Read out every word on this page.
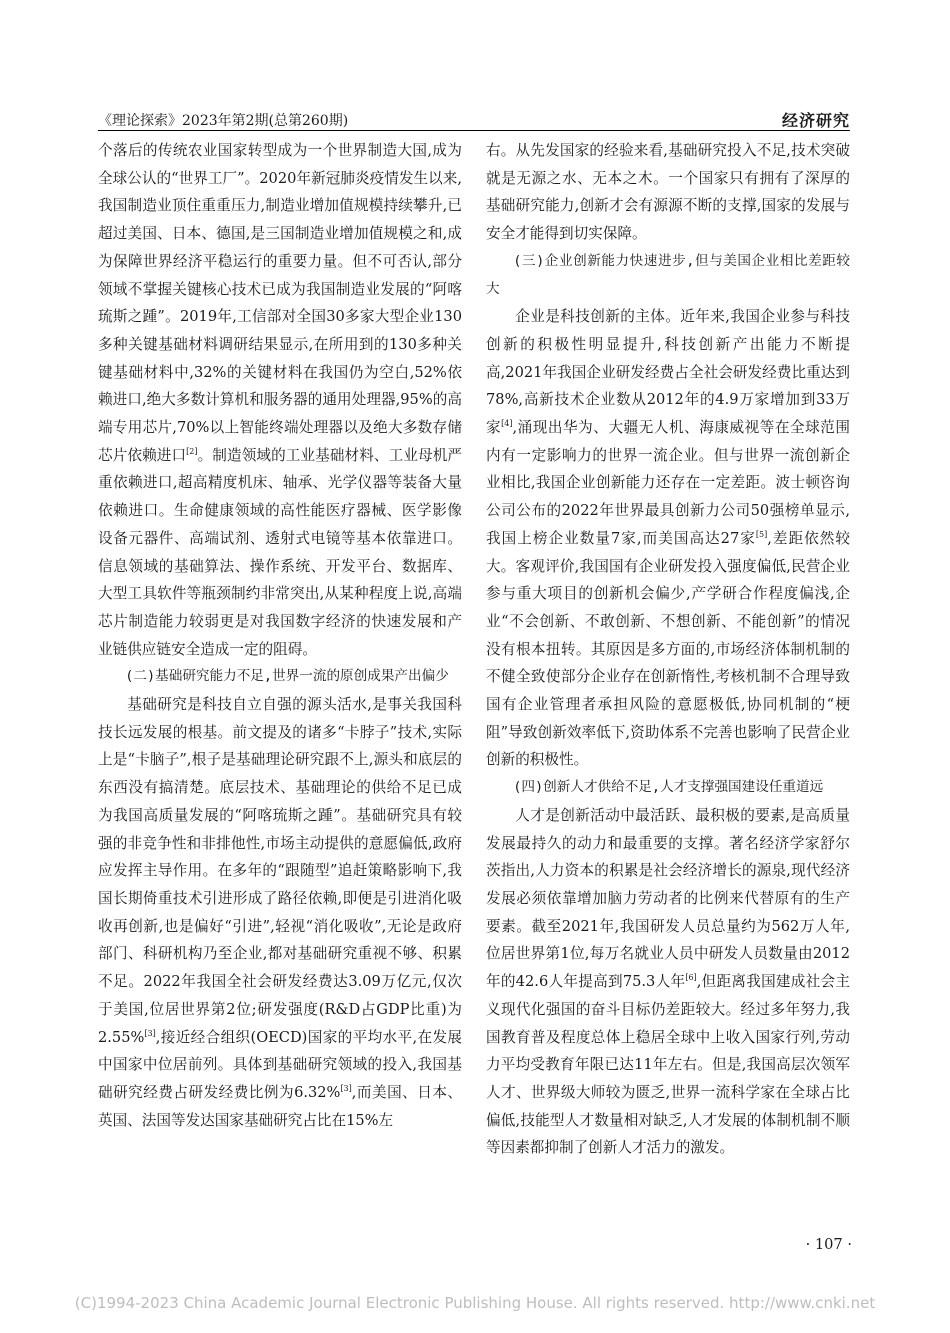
《理论探索》2023年第2期(总第260期)	经济研究

个落后的传统农业国家转型成为一个世界制造大国,成为全球公认的“世界工厂”。2020年新冠肺炎疫情发生以来,我国制造业顶住重重压力,制造业增加值规模持续攀升,已超过美国、日本、德国,是三国制造业增加值规模之和,成为保障世界经济平稳运行的重要力量。但不可否认,部分领域不掌握关键核心技术已成为我国制造业发展的“阿喀琉斯之踵”。2019年,工信部对全国30多家大型企业130多种关键基础材料调研结果显示,在所用到的130多种关键基础材料中,32%的关键材料在我国仍为空白,52%依赖进口,绝大多数计算机和服务器的通用处理器,95%的高端专用芯片,70%以上智能终端处理器以及绝大多数存储芯片依赖进口[2]。制造领域的工业基础材料、工业母机严重依赖进口,超高精度机床、轴承、光学仪器等装备大量依赖进口。生命健康领域的高性能医疗器械、医学影像设备元器件、高端试剂、透射式电镜等基本依靠进口。信息领域的基础算法、操作系统、开发平台、数据库、大型工具软件等瓶颈制约非常突出,从某种程度上说,高端芯片制造能力较弱更是对我国数字经济的快速发展和产业链供应链安全造成一定的阻碍。

(二)基础研究能力不足,世界一流的原创成果产出偏少

基础研究是科技自立自强的源头活水,是事关我国科技长远发展的根基。前文提及的诸多“卡脖子”技术,实际上是“卡脑子”,根子是基础理论研究跟不上,源头和底层的东西没有搞清楚。底层技术、基础理论的供给不足已成为我国高质量发展的“阿喀琉斯之踵”。基础研究具有较强的非竞争性和非排他性,市场主动提供的意愿偏低,政府应发挥主导作用。在多年的“跟随型”追赶策略影响下,我国长期倚重技术引进形成了路径依赖,即便是引进消化吸收再创新,也是偏好“引进”,轻视“消化吸收”,无论是政府部门、科研机构乃至企业,都对基础研究重视不够、积累不足。2022年我国全社会研发经费达3.09万亿元,仅次于美国,位居世界第2位;研发强度(R&D占GDP比重)为2.55%[3],接近经合组织(OECD)国家的平均水平,在发展中国家中位居前列。具体到基础研究领域的投入,我国基础研究经费占研发经费比例为6.32%[3],而美国、日本、英国、法国等发达国家基础研究占比在15%左

右。从先发国家的经验来看,基础研究投入不足,技术突破就是无源之水、无本之木。一个国家只有拥有了深厚的基础研究能力,创新才会有源源不断的支撑,国家的发展与安全才能得到切实保障。

(三)企业创新能力快速进步,但与美国企业相比差距较大

企业是科技创新的主体。近年来,我国企业参与科技创新的积极性明显提升,科技创新产出能力不断提高,2021年我国企业研发经费占全社会研发经费比重达到78%,高新技术企业数从2012年的4.9万家增加到33万家[4],涌现出华为、大疆无人机、海康威视等在全球范围内有一定影响力的世界一流企业。但与世界一流创新企业相比,我国企业创新能力还存在一定差距。波士顿咨询公司公布的2022年世界最具创新力公司50强榜单显示,我国上榜企业数量7家,而美国高达27家[5],差距依然较大。客观评价,我国国有企业研发投入强度偏低,民营企业参与重大项目的创新机会偏少,产学研合作程度偏浅,企业“不会创新、不敢创新、不想创新、不能创新”的情况没有根本扭转。其原因是多方面的,市场经济体制机制的不健全致使部分企业存在创新惰性,考核机制不合理导致国有企业管理者承担风险的意愿极低,协同机制的“梗阻”导致创新效率低下,资助体系不完善也影响了民营企业创新的积极性。

(四)创新人才供给不足,人才支撑强国建设任重道远

人才是创新活动中最活跃、最积极的要素,是高质量发展最持久的动力和最重要的支撑。著名经济学家舒尔茨指出,人力资本的积累是社会经济增长的源泉,现代经济发展必须依靠增加脑力劳动者的比例来代替原有的生产要素。截至2021年,我国研发人员总量约为562万人年,位居世界第1位,每万名就业人员中研发人员数量由2012年的42.6人年提高到75.3人年[6],但距离我国建成社会主义现代化强国的奋斗目标仍差距较大。经过多年努力,我国教育普及程度总体上稳居全球中上收入国家行列,劳动力平均受教育年限已达11年左右。但是,我国高层次领军人才、世界级大师较为匮乏,世界一流科学家在全球占比偏低,技能型人才数量相对缺乏,人才发展的体制机制不顺等因素都抑制了创新人才活力的激发。

· 107 ·
(C)1994-2023 China Academic Journal Electronic Publishing House. All rights reserved. http://www.cnki.net
